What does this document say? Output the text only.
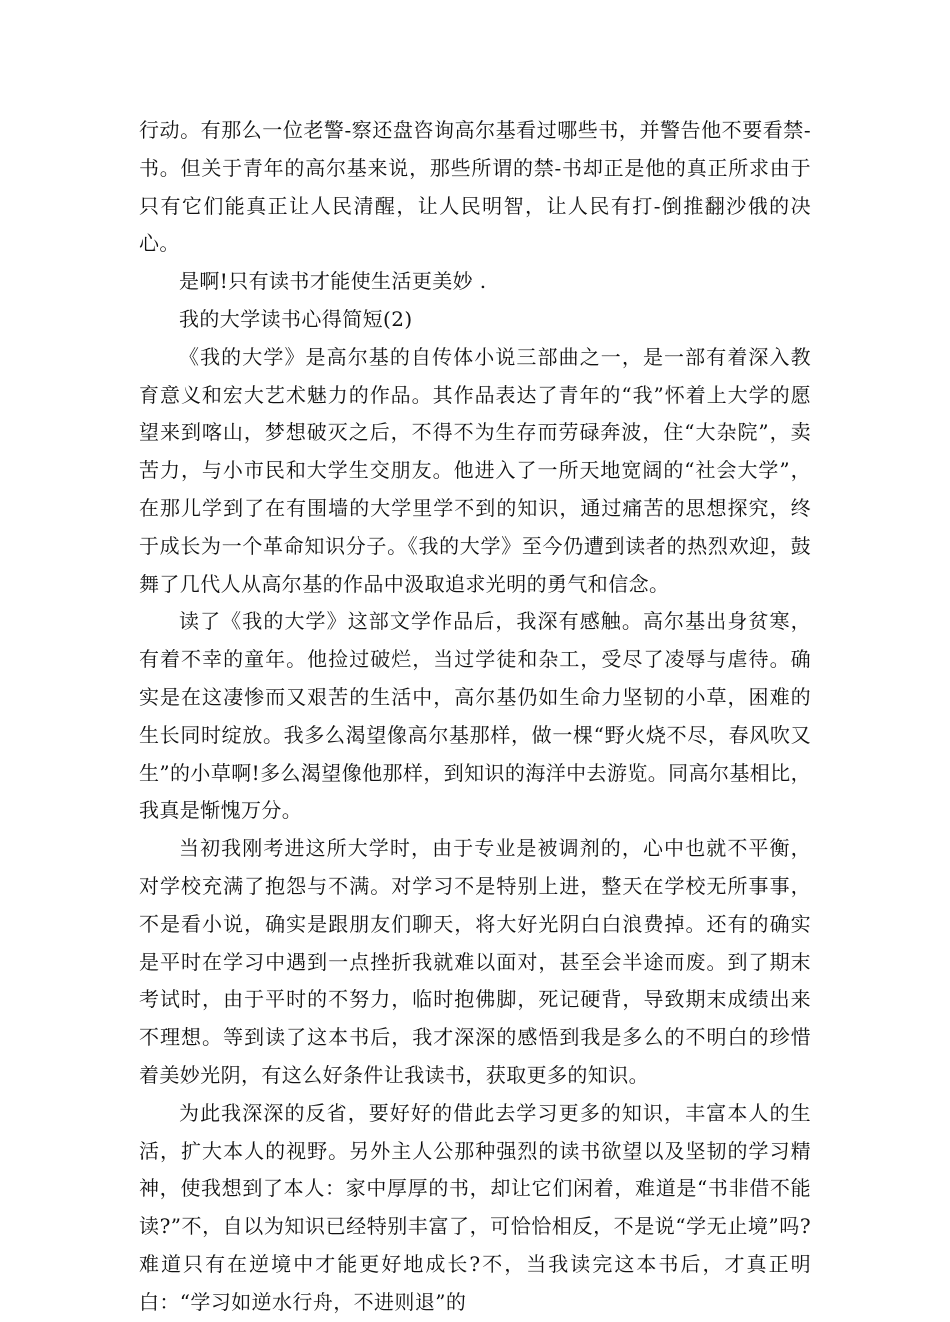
行动。有那么一位老警-察还盘咨询高尔基看过哪些书，并警告他不要看禁-书。但关于青年的高尔基来说，那些所谓的禁-书却正是他的真正所求由于只有它们能真正让人民清醒，让人民明智，让人民有打-倒推翻沙俄的决心。

是啊!只有读书才能使生活更美妙 .

我的大学读书心得简短(2)

《我的大学》是高尔基的自传体小说三部曲之一，是一部有着深入教育意义和宏大艺术魅力的作品。其作品表达了青年的“我”怀着上大学的愿望来到喀山，梦想破灭之后，不得不为生存而劳碌奔波，住“大杂院”，卖苦力，与小市民和大学生交朋友。他进入了一所天地宽阔的“社会大学”，在那儿学到了在有围墙的大学里学不到的知识，通过痛苦的思想探究，终于成长为一个革命知识分子。《我的大学》至今仍遭到读者的热烈欢迎，鼓舞了几代人从高尔基的作品中汲取追求光明的勇气和信念。

读了《我的大学》这部文学作品后，我深有感触。高尔基出身贫寒，有着不幸的童年。他捡过破烂，当过学徒和杂工，受尽了凌辱与虐待。确实是在这凄惨而又艰苦的生活中，高尔基仍如生命力坚韧的小草，困难的生长同时绽放。我多么渴望像高尔基那样，做一棵“野火烧不尽，春风吹又生”的小草啊!多么渴望像他那样，到知识的海洋中去游览。同高尔基相比，我真是惭愧万分。

当初我刚考进这所大学时，由于专业是被调剂的，心中也就不平衡，对学校充满了抱怨与不满。对学习不是特别上进，整天在学校无所事事，不是看小说，确实是跟朋友们聊天，将大好光阴白白浪费掉。还有的确实是平时在学习中遇到一点挫折我就难以面对，甚至会半途而废。到了期末考试时，由于平时的不努力，临时抱佛脚，死记硬背，导致期末成绩出来不理想。等到读了这本书后，我才深深的感悟到我是多么的不明白的珍惜着美妙光阴，有这么好条件让我读书，获取更多的知识。

为此我深深的反省，要好好的借此去学习更多的知识，丰富本人的生活，扩大本人的视野。另外主人公那种强烈的读书欲望以及坚韧的学习精神，使我想到了本人：家中厚厚的书，却让它们闲着，难道是“书非借不能读?”不，自以为知识已经特别丰富了，可恰恰相反，不是说“学无止境”吗?难道只有在逆境中才能更好地成长?不，当我读完这本书后，才真正明白：“学习如逆水行舟，不进则退”的
